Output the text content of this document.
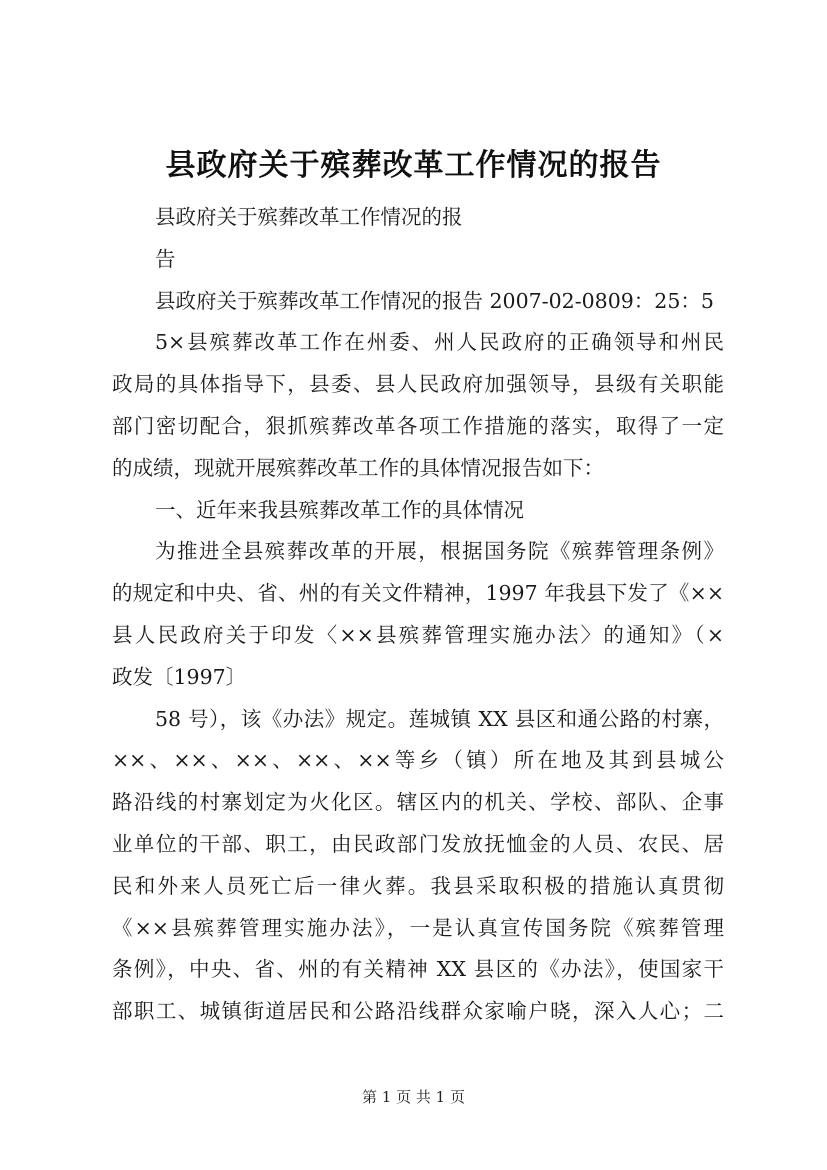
县政府关于殡葬改革工作情况的报告
县政府关于殡葬改革工作情况的报
告
县政府关于殡葬改革工作情况的报告 2007-02-0809：25：5
5×县殡葬改革工作在州委、州人民政府的正确领导和州民
政局的具体指导下，县委、县人民政府加强领导，县级有关职能
部门密切配合，狠抓殡葬改革各项工作措施的落实，取得了一定
的成绩，现就开展殡葬改革工作的具体情况报告如下：
一、近年来我县殡葬改革工作的具体情况
为推进全县殡葬改革的开展，根据国务院《殡葬管理条例》
的规定和中央、省、州的有关文件精神，1997 年我县下发了《××
县人民政府关于印发〈××县殡葬管理实施办法〉的通知》（×
政发〔1997〕
58 号），该《办法》规定。莲城镇 XX 县区和通公路的村寨，
××、××、××、××、××等乡（镇）所在地及其到县城公
路沿线的村寨划定为火化区。辖区内的机关、学校、部队、企事
业单位的干部、职工，由民政部门发放抚恤金的人员、农民、居
民和外来人员死亡后一律火葬。我县采取积极的措施认真贯彻
《××县殡葬管理实施办法》，一是认真宣传国务院《殡葬管理
条例》，中央、省、州的有关精神 XX 县区的《办法》，使国家干
部职工、城镇街道居民和公路沿线群众家喻户晓，深入人心；二
第 1 页 共 1 页
